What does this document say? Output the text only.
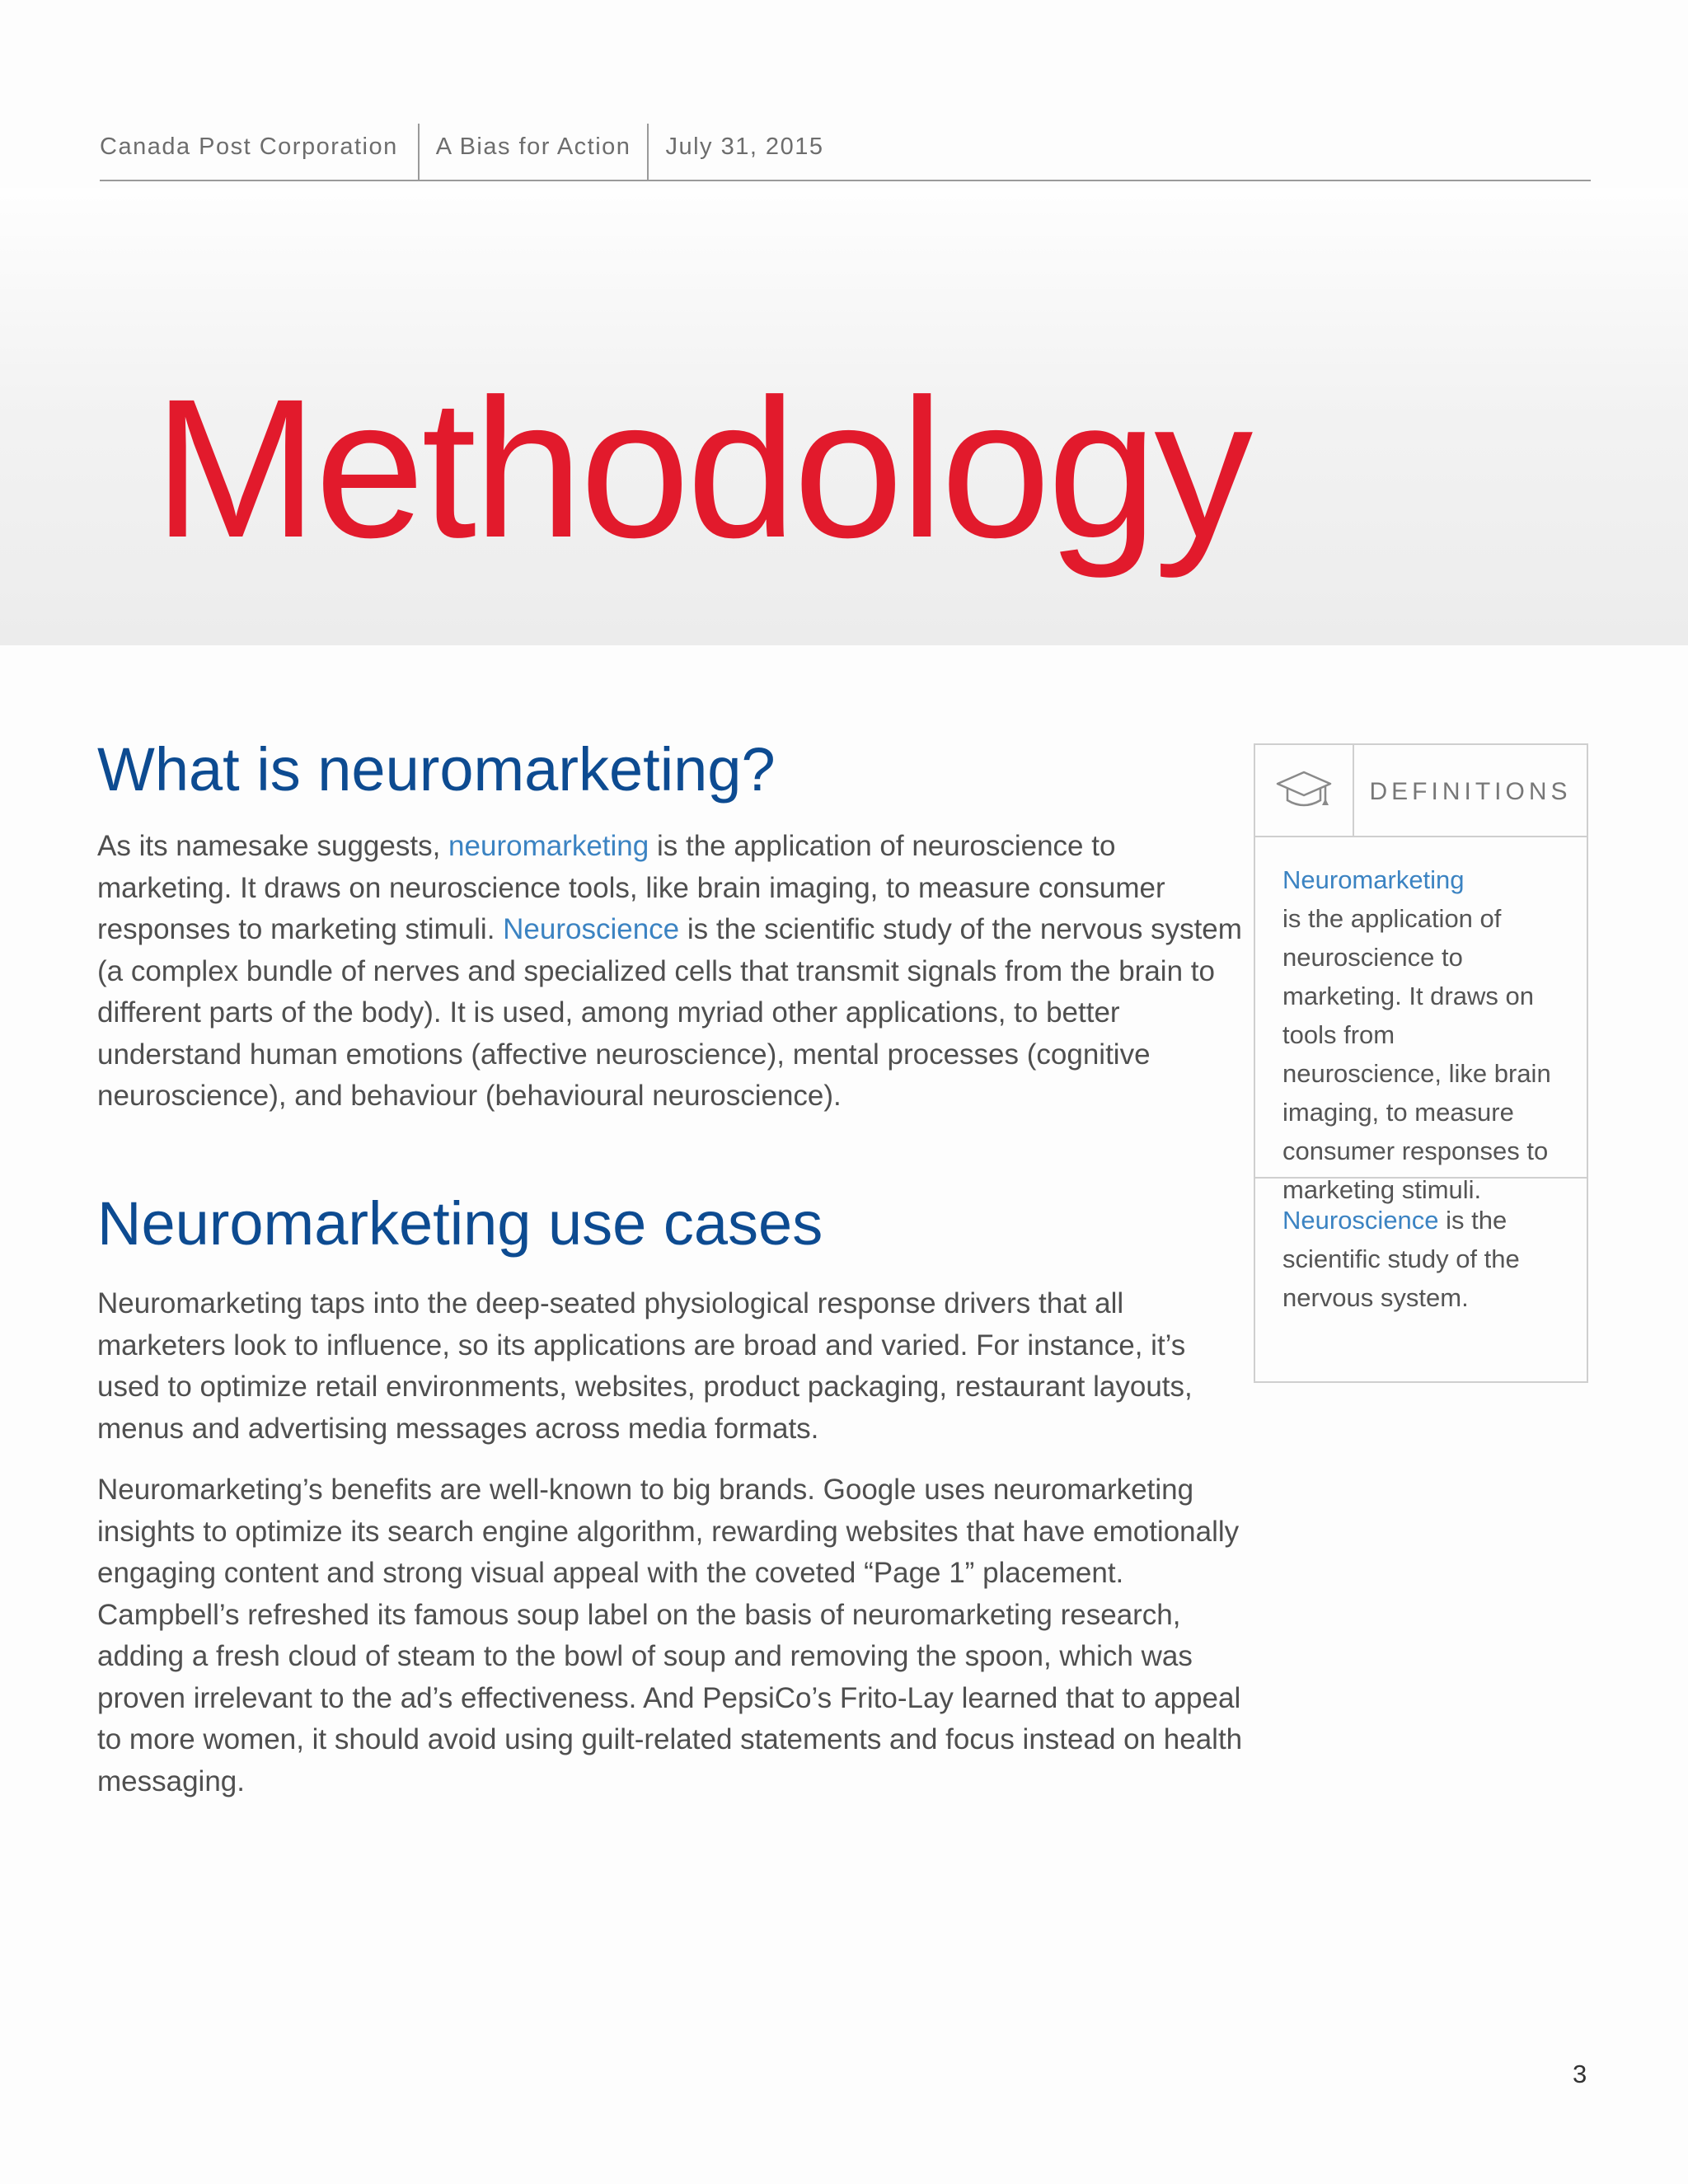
Canada Post Corporation	A Bias for Action	July 31, 2015
Methodology
What is neuromarketing?

As its namesake suggests, neuromarketing is the application of neuroscience to marketing. It draws on neuroscience tools, like brain imaging, to measure consumer responses to marketing stimuli. Neuroscience is the scientific study of the nervous system (a complex bundle of nerves and specialized cells that transmit signals from the brain to different parts of the body). It is used, among myriad other applications, to better understand human emotions (affective neuroscience), mental processes (cognitive neuroscience), and behaviour (behavioural neuroscience).

Neuromarketing use cases

Neuromarketing taps into the deep-seated physiological response drivers that all marketers look to influence, so its applications are broad and varied. For instance, it’s used to optimize retail environments, websites, product packaging, restaurant layouts, menus and advertising messages across media formats.

Neuromarketing’s benefits are well-known to big brands. Google uses neuromarketing insights to optimize its search engine algorithm, rewarding websites that have emotionally engaging content and strong visual appeal with the coveted “Page 1” placement. Campbell’s refreshed its famous soup label on the basis of neuromarketing research, adding a fresh cloud of steam to the bowl of soup and removing the spoon, which was proven irrelevant to the ad’s effectiveness. And PepsiCo’s Frito-Lay learned that to appeal to more women, it should avoid using guilt-related statements and focus instead on health messaging.

DEFINITIONS
Neuromarketing
is the application of neuroscience to marketing. It draws on tools from neuroscience, like brain imaging, to measure consumer responses to marketing stimuli.
Neuroscience is the scientific study of the nervous system.
3
